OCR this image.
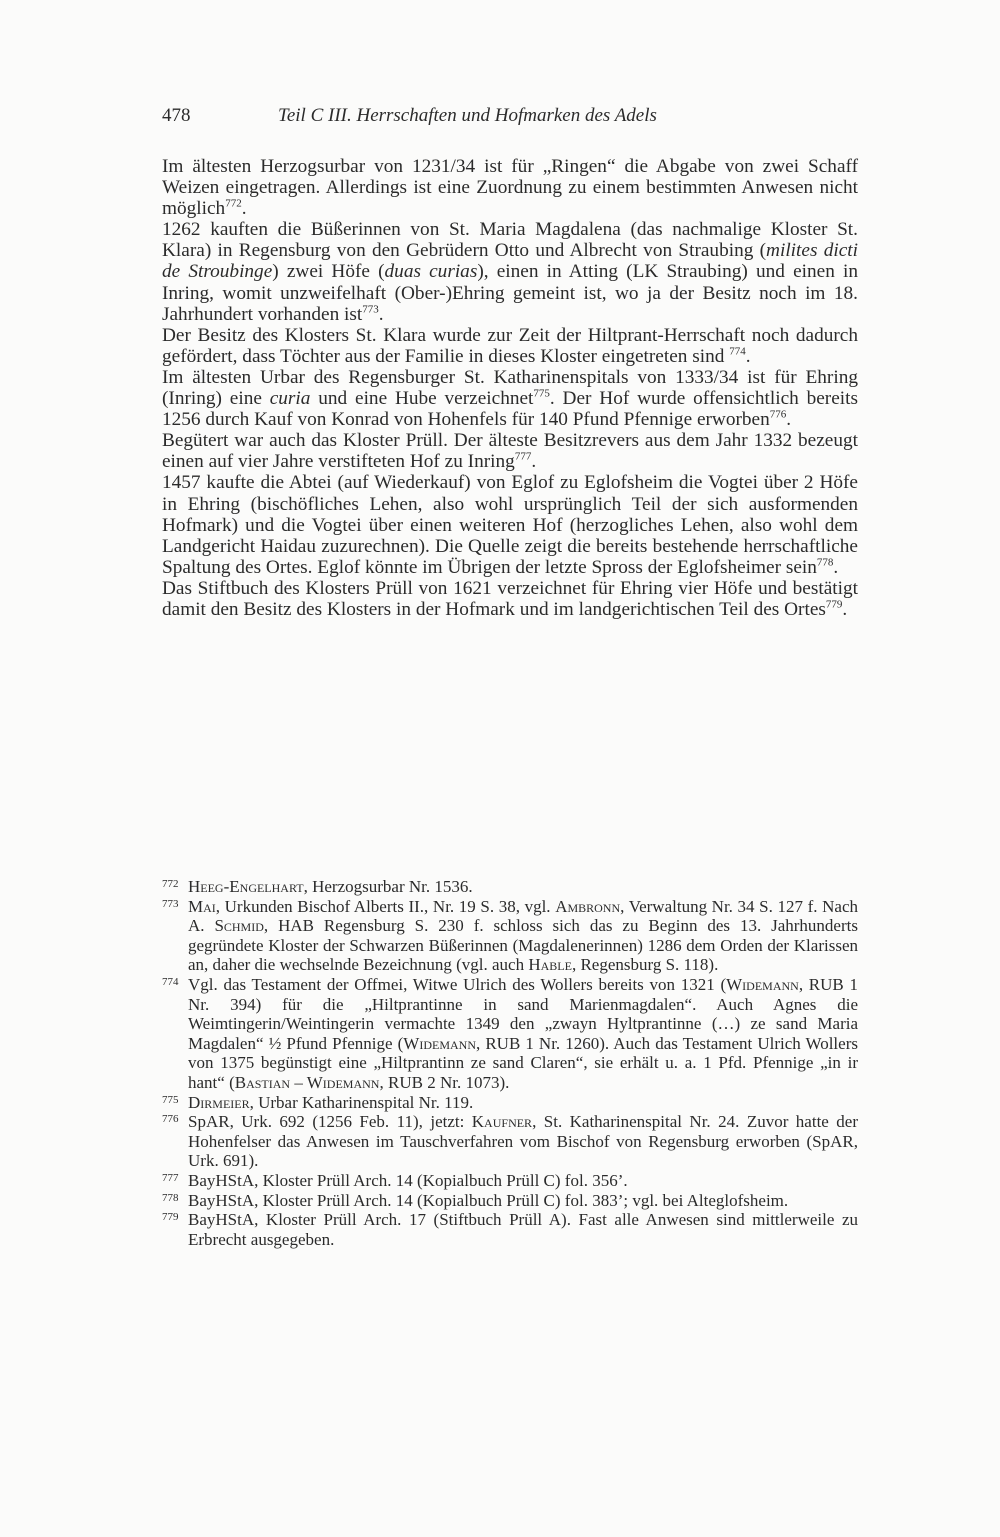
478	Teil C III. Herrschaften und Hofmarken des Adels

Im ältesten Herzogsurbar von 1231/34 ist für „Ringen“ die Abgabe von zwei Schaff Weizen eingetragen. Allerdings ist eine Zuordnung zu einem bestimmten Anwesen nicht möglich$^{772}$.

1262 kauften die Büßerinnen von St. Maria Magdalena (das nachmalige Kloster St. Klara) in Regensburg von den Gebrüdern Otto und Albrecht von Straubing (milites dicti de Stroubinge) zwei Höfe (duas curias), einen in Atting (LK Straubing) und einen in Inring, womit unzweifelhaft (Ober-)Ehring gemeint ist, wo ja der Besitz noch im 18. Jahrhundert vorhanden ist$^{773}$.

Der Besitz des Klosters St. Klara wurde zur Zeit der Hiltprant-Herrschaft noch dadurch gefördert, dass Töchter aus der Familie in dieses Kloster eingetreten sind $^{774}$.

Im ältesten Urbar des Regensburger St. Katharinenspitals von 1333/34 ist für Ehring (Inring) eine curia und eine Hube verzeichnet$^{775}$. Der Hof wurde offensichtlich bereits 1256 durch Kauf von Konrad von Hohenfels für 140 Pfund Pfennige erworben$^{776}$.

Begütert war auch das Kloster Prüll. Der älteste Besitzrevers aus dem Jahr 1332 bezeugt einen auf vier Jahre verstifteten Hof zu Inring$^{777}$.

1457 kaufte die Abtei (auf Wiederkauf) von Eglof zu Eglofsheim die Vogtei über 2 Höfe in Ehring (bischöfliches Lehen, also wohl ursprünglich Teil der sich ausformenden Hofmark) und die Vogtei über einen weiteren Hof (herzogliches Lehen, also wohl dem Landgericht Haidau zuzurechnen). Die Quelle zeigt die bereits bestehende herrschaftliche Spaltung des Ortes. Eglof könnte im Übrigen der letzte Spross der Eglofsheimer sein$^{778}$.

Das Stiftbuch des Klosters Prüll von 1621 verzeichnet für Ehring vier Höfe und bestätigt damit den Besitz des Klosters in der Hofmark und im landgerichtischen Teil des Ortes$^{779}$.

772 Heeg-Engelhart, Herzogsurbar Nr. 1536.

773 Mai, Urkunden Bischof Alberts II., Nr. 19 S. 38, vgl. Ambronn, Verwaltung Nr. 34 S. 127 f. Nach A. Schmid, HAB Regensburg S. 230 f. schloss sich das zu Beginn des 13. Jahrhunderts gegründete Kloster der Schwarzen Büßerinnen (Magdalenerinnen) 1286 dem Orden der Klarissen an, daher die wechselnde Bezeichnung (vgl. auch Hable, Regensburg S. 118).

774 Vgl. das Testament der Offmei, Witwe Ulrich des Wollers bereits von 1321 (Widemann, RUB 1 Nr. 394) für die „Hiltprantinne in sand Marienmagdalen“. Auch Agnes die Weimtingerin/Weintingerin vermachte 1349 den „zwayn Hyltprantinne (…) ze sand Maria Magdalen“ ½ Pfund Pfennige (Widemann, RUB 1 Nr. 1260). Auch das Testament Ulrich Wollers von 1375 begünstigt eine „Hiltprantinn ze sand Claren“, sie erhält u. a. 1 Pfd. Pfennige „in ir hant“ (Bastian – Widemann, RUB 2 Nr. 1073).

775 Dirmeier, Urbar Katharinenspital Nr. 119.

776 SpAR, Urk. 692 (1256 Feb. 11), jetzt: Kaufner, St. Katharinenspital Nr. 24. Zuvor hatte der Hohenfelser das Anwesen im Tauschverfahren vom Bischof von Regensburg erworben (SpAR, Urk. 691).

777 BayHStA, Kloster Prüll Arch. 14 (Kopialbuch Prüll C) fol. 356’.

778 BayHStA, Kloster Prüll Arch. 14 (Kopialbuch Prüll C) fol. 383’; vgl. bei Alteglofsheim.

779 BayHStA, Kloster Prüll Arch. 17 (Stiftbuch Prüll A). Fast alle Anwesen sind mittlerweile zu Erbrecht ausgegeben.
